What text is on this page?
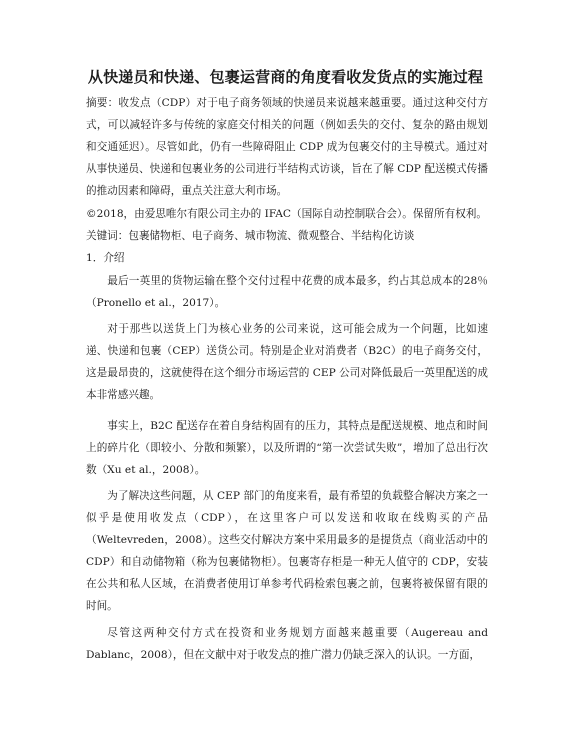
从快递员和快递、包裹运营商的角度看收发货点的实施过程

摘要：收发点（CDP）对于电子商务领域的快递员来说越来越重要。通过这种交付方式，可以减轻许多与传统的家庭交付相关的问题（例如丢失的交付、复杂的路由规划和交通延迟）。尽管如此，仍有一些障碍阻止 CDP 成为包裹交付的主导模式。通过对从事快递员、快递和包裹业务的公司进行半结构式访谈，旨在了解 CDP 配送模式传播的推动因素和障碍，重点关注意大利市场。

©2018，由爱思唯尔有限公司主办的 IFAC（国际自动控制联合会）。保留所有权利。

关键词：包裹储物柜、电子商务、城市物流、微观整合、半结构化访谈

1．介绍

最后一英里的货物运输在整个交付过程中花费的成本最多，约占其总成本的28％（Pronello et al.，2017）。

对于那些以送货上门为核心业务的公司来说，这可能会成为一个问题，比如速递、快递和包裹（CEP）送货公司。特别是企业对消费者（B2C）的电子商务交付，这是最昂贵的，这就使得在这个细分市场运营的 CEP 公司对降低最后一英里配送的成本非常感兴趣。

事实上，B2C 配送存在着自身结构固有的压力，其特点是配送规模、地点和时间上的碎片化（即较小、分散和频繁），以及所谓的“第一次尝试失败”，增加了总出行次数（Xu et al.，2008）。

为了解决这些问题，从 CEP 部门的角度来看，最有希望的负载整合解决方案之一似乎是使用收发点（CDP），在这里客户可以发送和收取在线购买的产品（Weltevreden，2008）。这些交付解决方案中采用最多的是提货点（商业活动中的 CDP）和自动储物箱（称为包裹储物柜）。包裹寄存柜是一种无人值守的 CDP，安装在公共和私人区域，在消费者使用订单参考代码检索包裹之前，包裹将被保留有限的时间。

尽管这两种交付方式在投资和业务规划方面越来越重要（Augereau and Dablanc，2008），但在文献中对于收发点的推广潜力仍缺乏深入的认识。一方面，
